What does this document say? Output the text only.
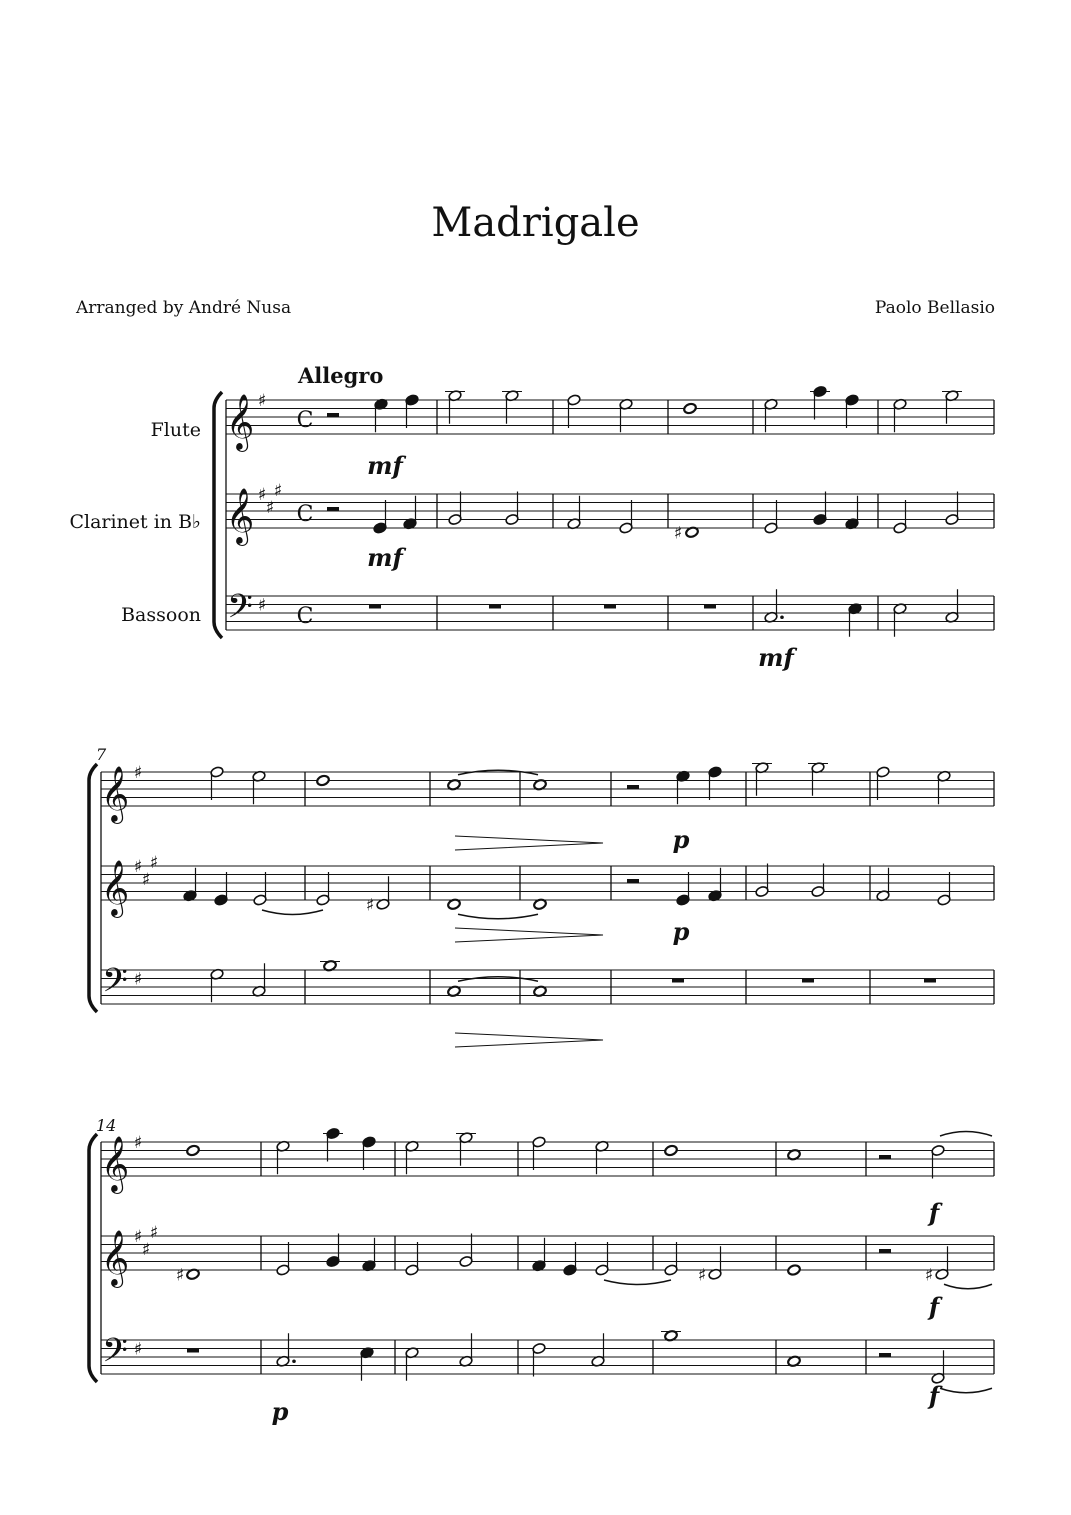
Madrigale
Arranged by André Nusa	Paolo Bellasio
Allegro
Flute
Clarinet in B♭
Bassoon
7
14
𝄞
𝄞
𝄢
♯
♯
♯
♯
♯
C
C
C
mf
♯
mf
mf
𝄞
𝄞
𝄢
♯
♯
♯
♯
♯
p
♯
p
𝄞
𝄞
𝄢
♯
♯
♯
♯
♯
f
♯	♯	♯
f
p
f
